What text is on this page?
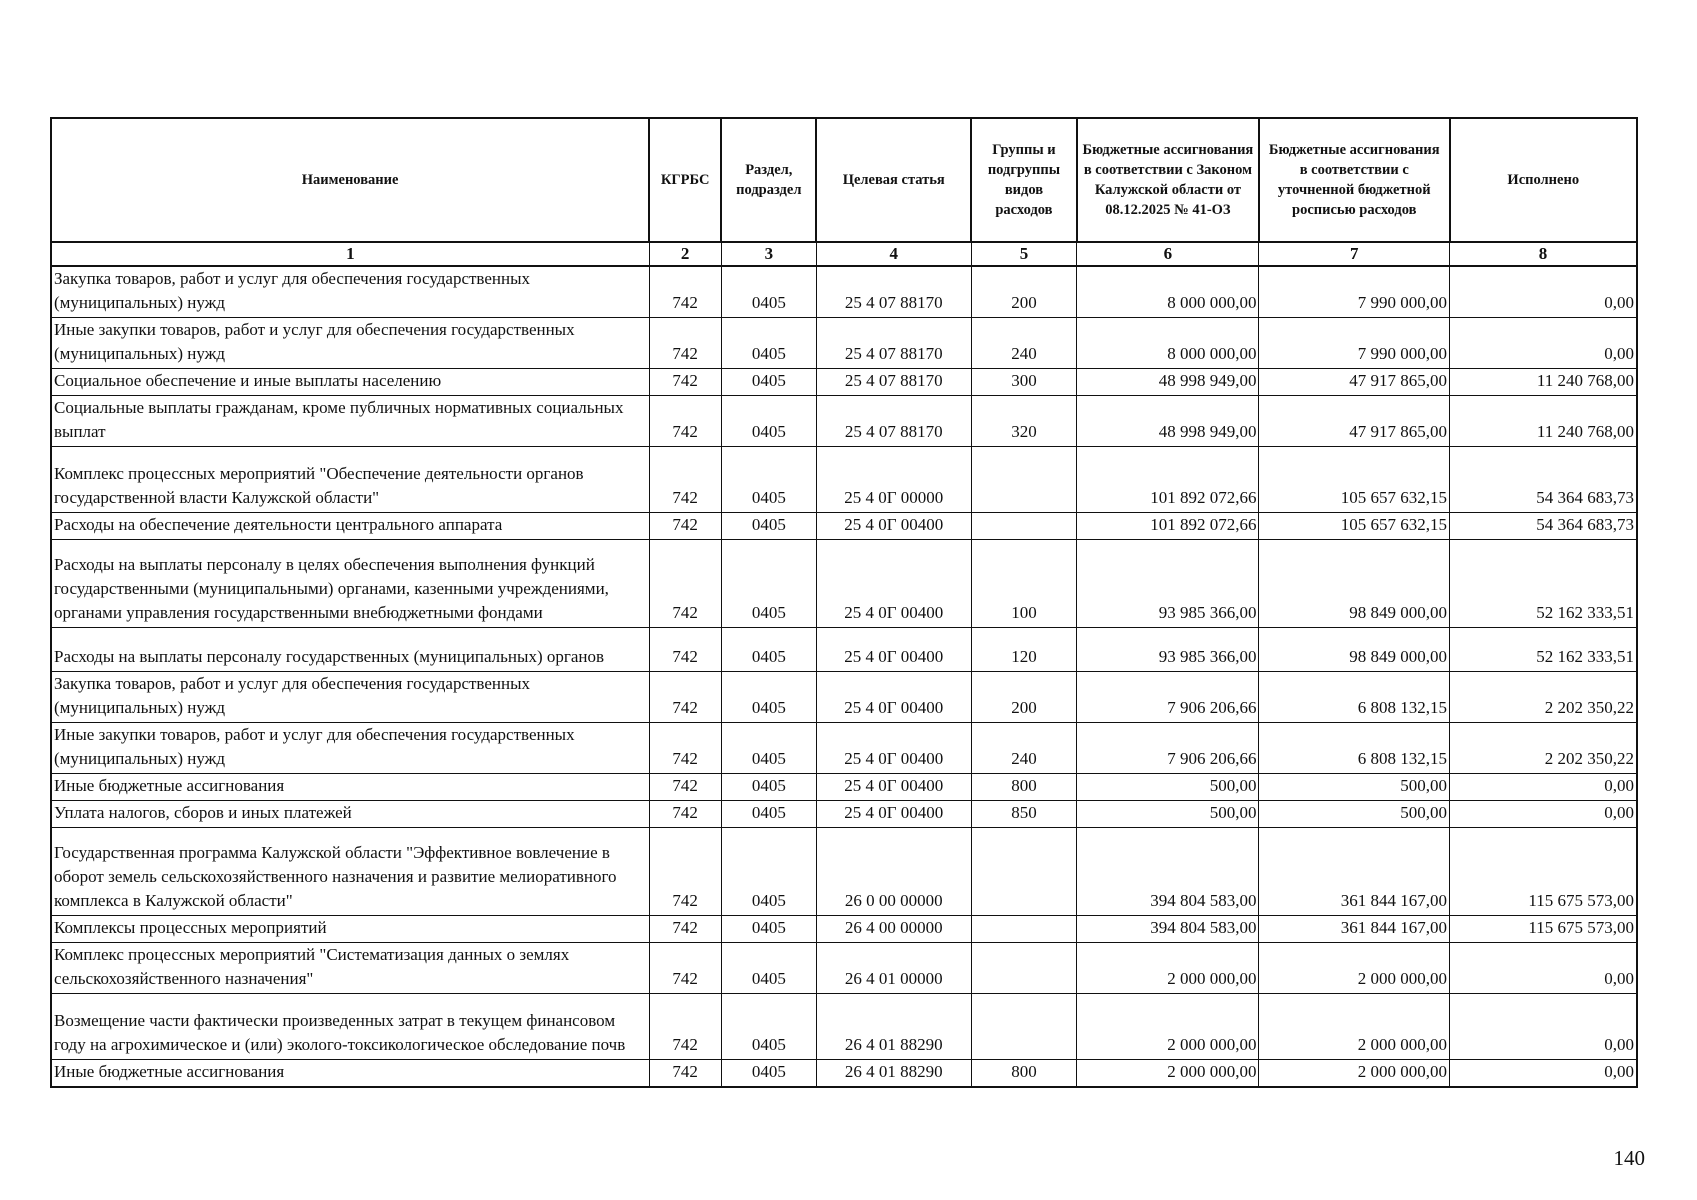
Наименование	КГРБС	Раздел, подраздел	Целевая статья	Группы и подгруппы видов расходов	Бюджетные ассигнования в соответствии с Законом Калужской области от 08.12.2025 № 41-ОЗ	Бюджетные ассигнования в соответствии с уточненной бюджетной росписью расходов	Исполнено
1	2	3	4	5	6	7	8
Закупка товаров, работ и услуг для обеспечения государственных (муниципальных) нужд	742	0405	25 4 07 88170	200	8 000 000,00	7 990 000,00	0,00
Иные закупки товаров, работ и услуг для обеспечения государственных (муниципальных) нужд	742	0405	25 4 07 88170	240	8 000 000,00	7 990 000,00	0,00
Социальное обеспечение и иные выплаты населению	742	0405	25 4 07 88170	300	48 998 949,00	47 917 865,00	11 240 768,00
Социальные выплаты гражданам, кроме публичных нормативных социальных выплат	742	0405	25 4 07 88170	320	48 998 949,00	47 917 865,00	11 240 768,00
Комплекс процессных мероприятий "Обеспечение деятельности органов государственной власти Калужской области"	742	0405	25 4 0Г 00000		101 892 072,66	105 657 632,15	54 364 683,73
Расходы на обеспечение деятельности центрального аппарата	742	0405	25 4 0Г 00400		101 892 072,66	105 657 632,15	54 364 683,73
Расходы на выплаты персоналу в целях обеспечения выполнения функций государственными (муниципальными) органами, казенными учреждениями, органами управления государственными внебюджетными фондами	742	0405	25 4 0Г 00400	100	93 985 366,00	98 849 000,00	52 162 333,51
Расходы на выплаты персоналу государственных (муниципальных) органов	742	0405	25 4 0Г 00400	120	93 985 366,00	98 849 000,00	52 162 333,51
Закупка товаров, работ и услуг для обеспечения государственных (муниципальных) нужд	742	0405	25 4 0Г 00400	200	7 906 206,66	6 808 132,15	2 202 350,22
Иные закупки товаров, работ и услуг для обеспечения государственных (муниципальных) нужд	742	0405	25 4 0Г 00400	240	7 906 206,66	6 808 132,15	2 202 350,22
Иные бюджетные ассигнования	742	0405	25 4 0Г 00400	800	500,00	500,00	0,00
Уплата налогов, сборов и иных платежей	742	0405	25 4 0Г 00400	850	500,00	500,00	0,00
Государственная программа Калужской области "Эффективное вовлечение в оборот земель сельскохозяйственного назначения и развитие мелиоративного комплекса в Калужской области"	742	0405	26 0 00 00000		394 804 583,00	361 844 167,00	115 675 573,00
Комплексы процессных мероприятий	742	0405	26 4 00 00000		394 804 583,00	361 844 167,00	115 675 573,00
Комплекс процессных мероприятий "Систематизация данных о землях сельскохозяйственного назначения"	742	0405	26 4 01 00000		2 000 000,00	2 000 000,00	0,00
Возмещение части фактически произведенных затрат в текущем финансовом году на агрохимическое и (или) эколого-токсикологическое обследование почв	742	0405	26 4 01 88290		2 000 000,00	2 000 000,00	0,00
Иные бюджетные ассигнования	742	0405	26 4 01 88290	800	2 000 000,00	2 000 000,00	0,00
140
